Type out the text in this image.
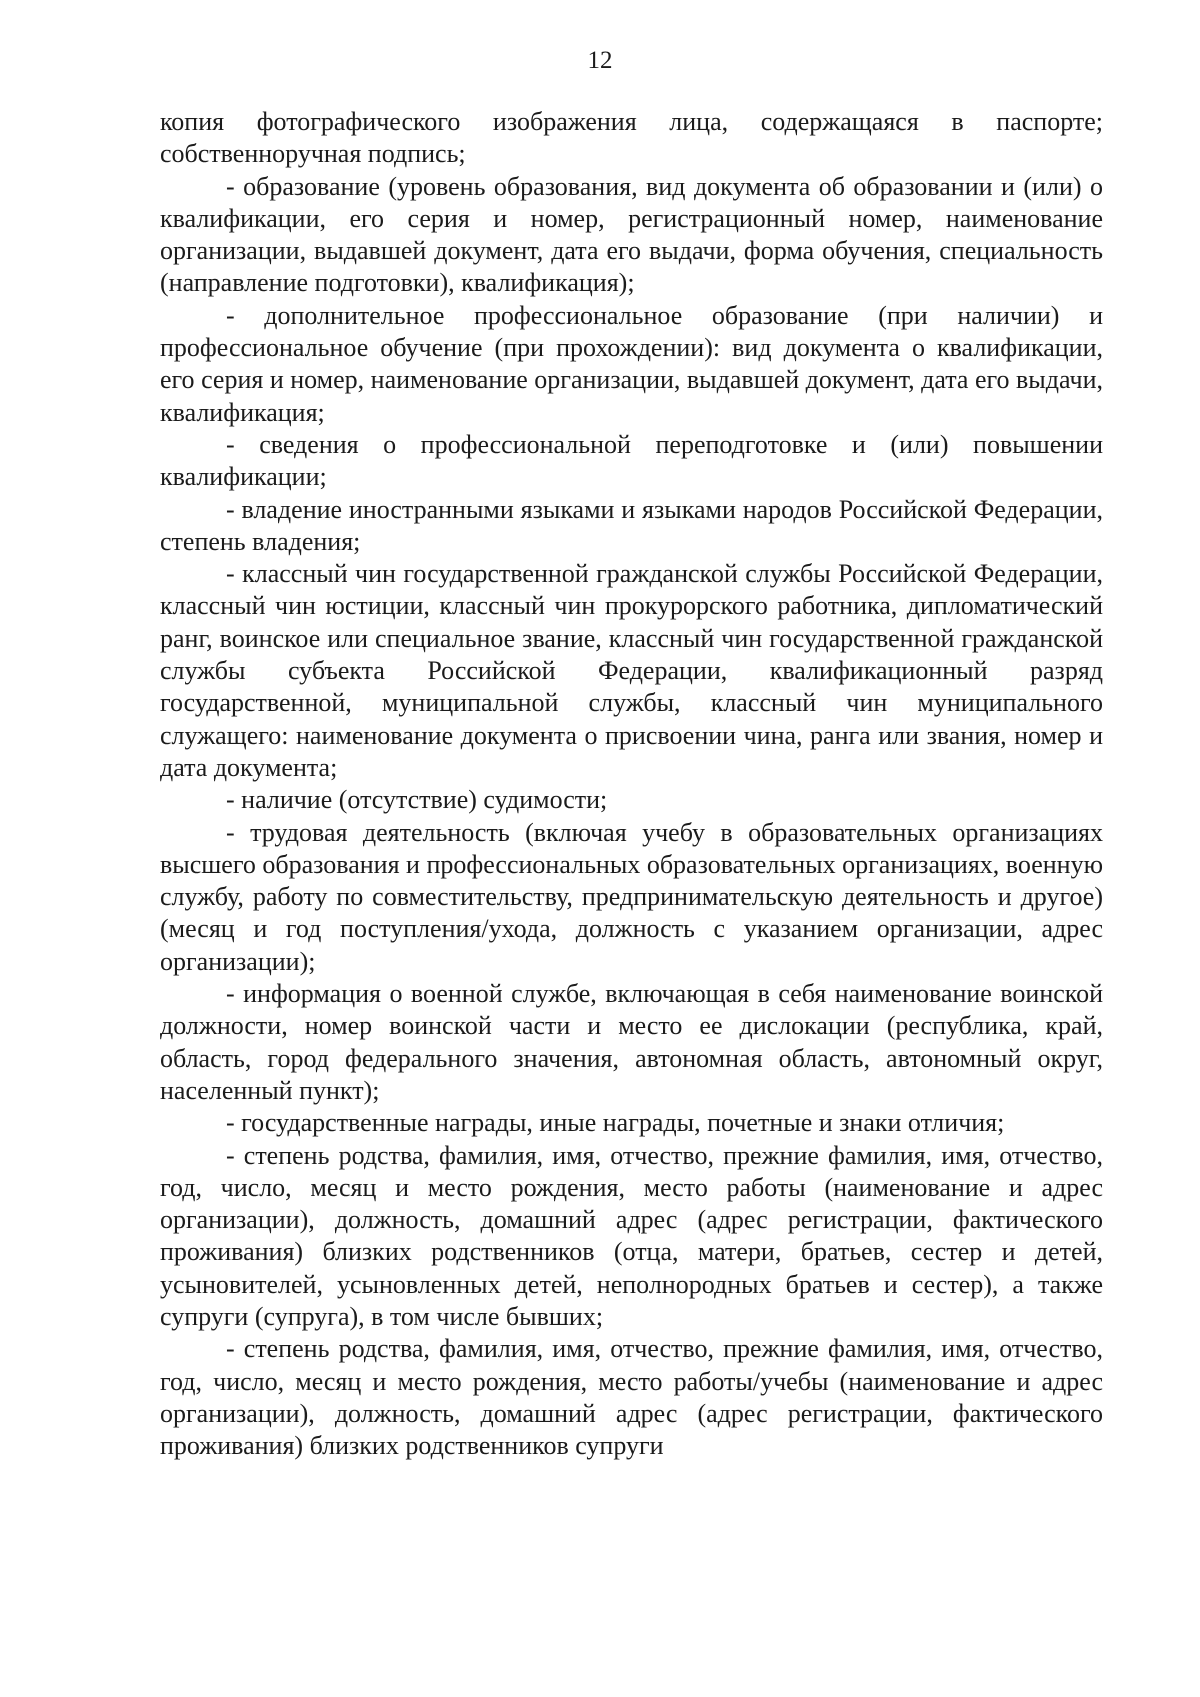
12

копия фотографического изображения лица, содержащаяся в паспорте; собственноручная подпись;

- образование (уровень образования, вид документа об образовании и (или) о квалификации, его серия и номер, регистрационный номер, наименование организации, выдавшей документ, дата его выдачи, форма обучения, специальность (направление подготовки), квалификация);

- дополнительное профессиональное образование (при наличии) и профессиональное обучение (при прохождении): вид документа о квалификации, его серия и номер, наименование организации, выдавшей документ, дата его выдачи, квалификация;

- сведения о профессиональной переподготовке и (или) повышении квалификации;

- владение иностранными языками и языками народов Российской Федерации, степень владения;

- классный чин государственной гражданской службы Российской Федерации, классный чин юстиции, классный чин прокурорского работника, дипломатический ранг, воинское или специальное звание, классный чин государственной гражданской службы субъекта Российской Федерации, квалификационный разряд государственной, муниципальной службы, классный чин муниципального служащего: наименование документа о присвоении чина, ранга или звания, номер и дата документа;

- наличие (отсутствие) судимости;

- трудовая деятельность (включая учебу в образовательных организациях высшего образования и профессиональных образовательных организациях, военную службу, работу по совместительству, предпринимательскую деятельность и другое) (месяц и год поступления/ухода, должность с указанием организации, адрес организации);

- информация о военной службе, включающая в себя наименование воинской должности, номер воинской части и место ее дислокации (республика, край, область, город федерального значения, автономная область, автономный округ, населенный пункт);

- государственные награды, иные награды, почетные и знаки отличия;

- степень родства, фамилия, имя, отчество, прежние фамилия, имя, отчество, год, число, месяц и место рождения, место работы (наименование и адрес организации), должность, домашний адрес (адрес регистрации, фактического проживания) близких родственников (отца, матери, братьев, сестер и детей, усыновителей, усыновленных детей, неполнородных братьев и сестер), а также супруги (супруга), в том числе бывших;

- степень родства, фамилия, имя, отчество, прежние фамилия, имя, отчество, год, число, месяц и место рождения, место работы/учебы (наименование и адрес организации), должность, домашний адрес (адрес регистрации, фактического проживания) близких родственников супруги
